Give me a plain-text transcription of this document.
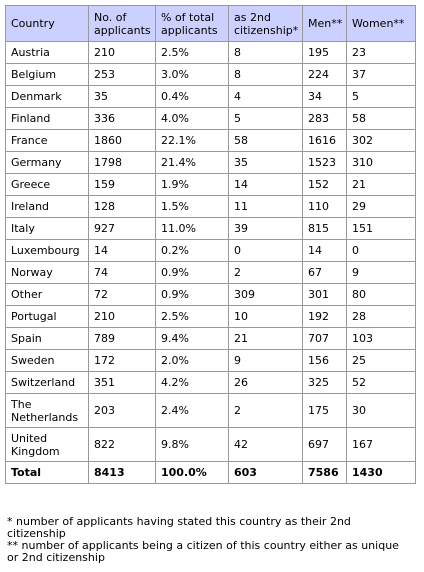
Country	No. of applicants	% of total applicants	as 2nd citizenship*	Men**	Women**
Austria	210	2.5%	8	195	23
Belgium	253	3.0%	8	224	37
Denmark	35	0.4%	4	34	5
Finland	336	4.0%	5	283	58
France	1860	22.1%	58	1616	302
Germany	1798	21.4%	35	1523	310
Greece	159	1.9%	14	152	21
Ireland	128	1.5%	11	110	29
Italy	927	11.0%	39	815	151
Luxembourg	14	0.2%	0	14	0
Norway	74	0.9%	2	67	9
Other	72	0.9%	309	301	80
Portugal	210	2.5%	10	192	28
Spain	789	9.4%	21	707	103
Sweden	172	2.0%	9	156	25
Switzerland	351	4.2%	26	325	52
The Netherlands	203	2.4%	2	175	30
United Kingdom	822	9.8%	42	697	167
Total	8413	100.0%	603	7586	1430
* number of applicants having stated this country as their 2nd citizenship
** number of applicants being a citizen of this country either as unique or 2nd citizenship
